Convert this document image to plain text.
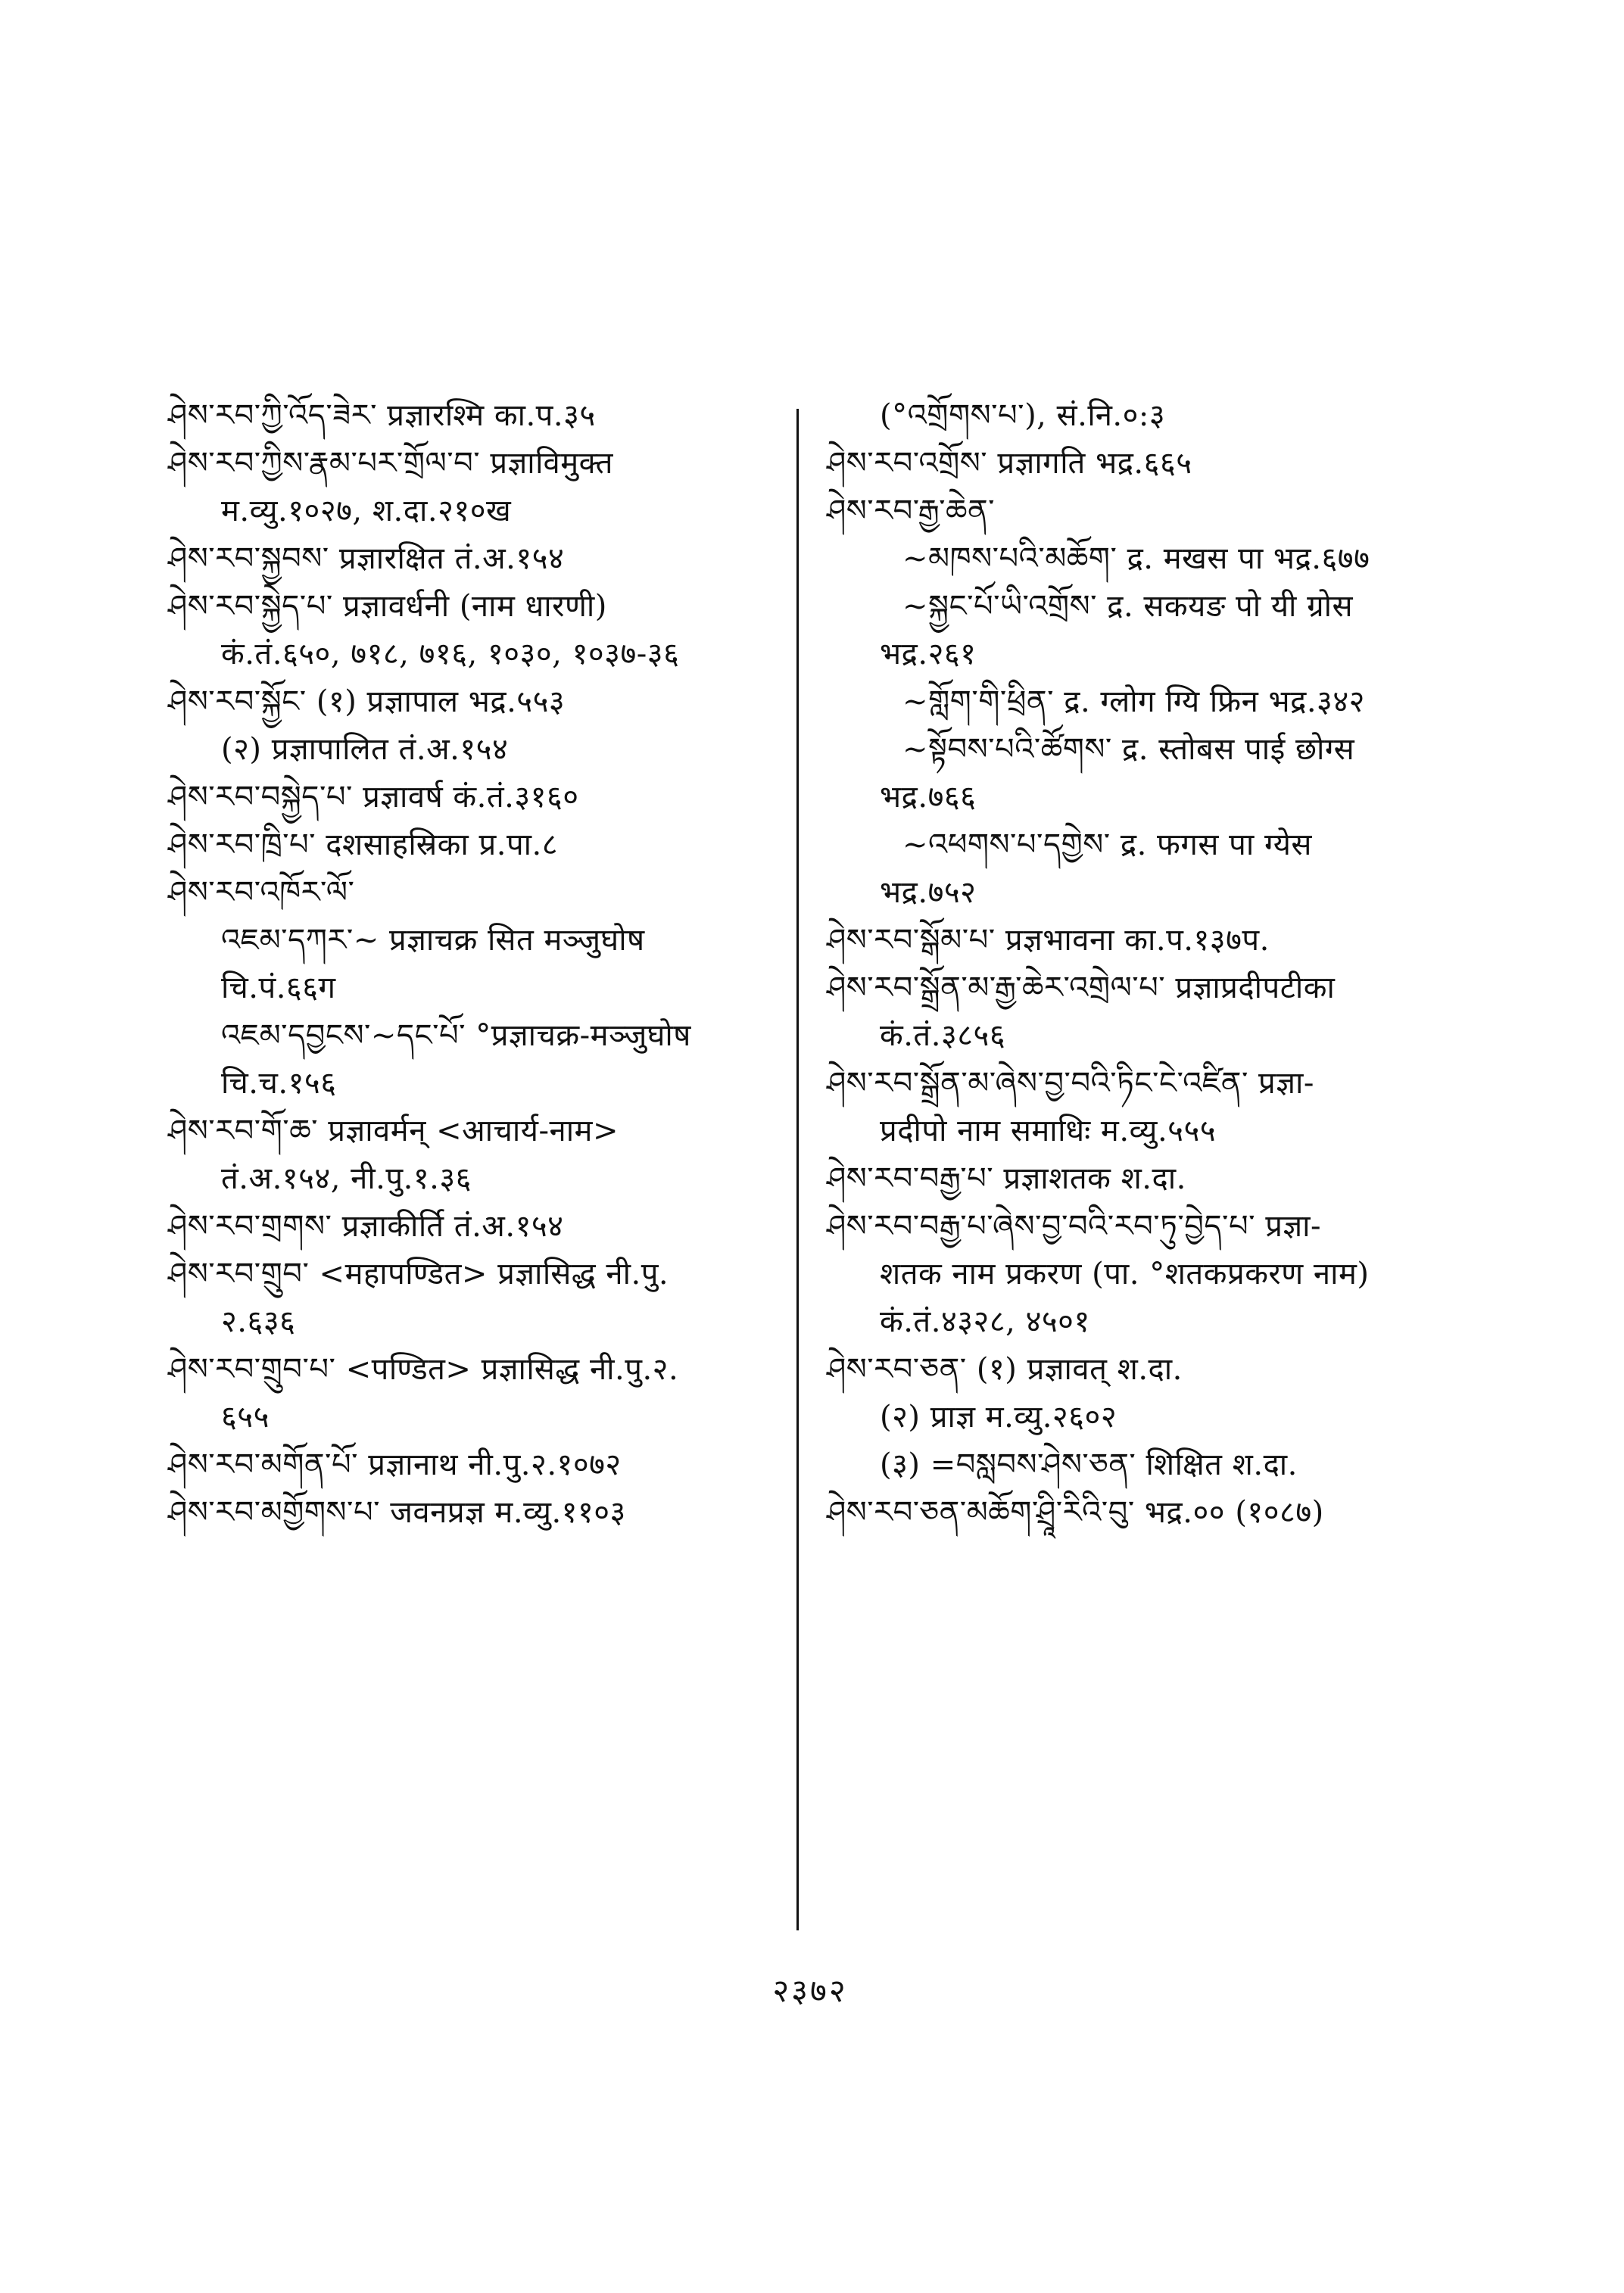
ཤེས་རབ་ཀྱི་འོད་ཟེར་ प्रज्ञारश्मि का.प.३५
ཤེས་རབ་ཀྱིས་རྣམ་པར་གྲོལ་བ་ प्रज्ञाविमुक्त
म.व्यु.१०२७, श.दा.२१०ख
ཤེས་རབ་སྐྱབས་ प्रज्ञारक्षित तं.अ.१५४
ཤེས་རབ་སྐྱེད་པ་ प्रज्ञावर्धनी (नाम धारणी)
कं.तं.६५०, ७१८, ७१६, १०३०, १०३७-३६
ཤེས་རབ་སྐྱོང་ (१) प्रज्ञापाल भद्र.५५३
(२) प्रज्ञापालित तं.अ.१५४
ཤེས་རབ་བསྐྱེད་པ་ प्रज्ञावर्ष कं.तं.३१६०
ཤེས་རབ་ཁྲི་པ་ दशसाहस्रिका प्र.पा.८
ཤེས་རབ་འཁོར་ལོ་
འཇམ་དཀར་~ प्रज्ञाचक्र सित मञ्जुघोष
चि.पं.६६ग
འཇམ་དབྱངས་~དང་པོ་ °प्रज्ञाचक्र-मञ्जुघोष
चि.च.१५६
ཤེས་རབ་གོ་ཆ་ प्रज्ञावर्मन् <आचार्य-नाम>
तं.अ.१५४, नी.पु.१.३६
ཤེས་རབ་གྲགས་ प्रज्ञाकीर्ति तं.अ.१५४
ཤེས་རབ་གྲུབ་ <महापण्डित> प्रज्ञासिद्ध नी.पु.
२.६३६
ཤེས་རབ་གྲུབ་པ་ <पण्डित> प्रज्ञासिद्ध नी.पु.२.
६५५
ཤེས་རབ་མགོན་པོ་ प्रज्ञानाथ नी.पु.२.१०७२
ཤེས་རབ་མགྱོགས་པ་ जवनप्रज्ञ म.व्यु.११०३
(°འགྲོགས་པ་), सं.नि.०:३
ཤེས་རབ་འགྲོས་ प्रज्ञागति भद्र.६६५
ཤེས་རབ་རྒྱ་ཆེན་
~མཁས་པའི་མཆོག་ द्र. मखस पा भद्र.६७७
~སྐྱང་པོ་ཡི་འགྲོས་ द्र. सकयङ पो यी ग्रोस
भद्र.२६१
~གློག་གི་ཕྲིན་ द्र. ग्लोग ग्यि फ्रिन भद्र.३४२
~སྟོབས་པའི་ཚོགས་ द्र. स्तोबस पाई छोग्स
भद्र.७६६
~འཕགས་པ་དགྱེས་ द्र. फगस पा ग्येस
भद्र.७५२
ཤེས་རབ་སྒོམ་པ་ प्रज्ञभावना का.प.१३७प.
ཤེས་རབ་སྒྲོན་མ་རྒྱ་ཆེར་འགྲེལ་པ་ प्रज्ञाप्रदीपटीका
कं.तं.३८५६
ཤེས་རབ་སྒྲོན་མ་ཞེས་བྱ་བའི་ཏིང་ངེ་འཛིན་ प्रज्ञा-
प्रदीपो नाम समाधिः म.व्यु.५५५
ཤེས་རབ་བརྒྱ་པ་ प्रज्ञाशतक श.दा.
ཤེས་རབ་བརྒྱ་པ་ཞེས་བྱ་བའི་རབ་ཏུ་བྱེད་པ་ प्रज्ञा-
शतक नाम प्रकरण (पा. °शतकप्रकरण नाम)
कं.तं.४३२८, ४५०१
ཤེས་རབ་ཅན་ (१) प्रज्ञावत् श.दा.
(२) प्राज्ञ म.व्यु.२६०२
(३) =བསླབས་ཤེས་ཅན་ शिक्षित श.दा.
ཤེས་རབ་ཅན་མཆོག་ཤྲཱི་རིའི་བུ་ भद्र.०० (१०८७)
२३७२
